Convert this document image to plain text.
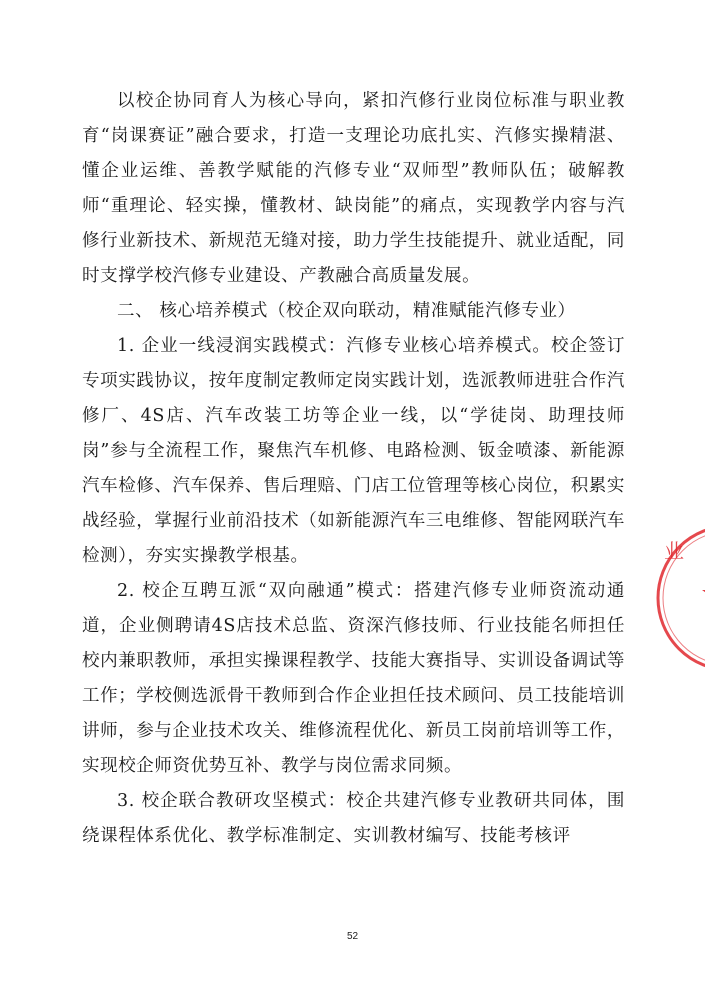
以校企协同育人为核心导向，紧扣汽修行业岗位标准与职业教育“岗课赛证”融合要求，打造一支理论功底扎实、汽修实操精湛、懂企业运维、善教学赋能的汽修专业“双师型”教师队伍；破解教师“重理论、轻实操，懂教材、缺岗能”的痛点，实现教学内容与汽修行业新技术、新规范无缝对接，助力学生技能提升、就业适配，同时支撑学校汽修专业建设、产教融合高质量发展。

二、 核心培养模式（校企双向联动，精准赋能汽修专业）

1. 企业一线浸润实践模式：汽修专业核心培养模式。校企签订专项实践协议，按年度制定教师定岗实践计划，选派教师进驻合作汽修厂、4S店、汽车改装工坊等企业一线，以“学徒岗、助理技师岗”参与全流程工作，聚焦汽车机修、电路检测、钣金喷漆、新能源汽车检修、汽车保养、售后理赔、门店工位管理等核心岗位，积累实战经验，掌握行业前沿技术（如新能源汽车三电维修、智能网联汽车检测），夯实实操教学根基。

2. 校企互聘互派“双向融通”模式：搭建汽修专业师资流动通道，企业侧聘请4S店技术总监、资深汽修技师、行业技能名师担任校内兼职教师，承担实操课程教学、技能大赛指导、实训设备调试等工作；学校侧选派骨干教师到合作企业担任技术顾问、员工技能培训讲师，参与企业技术攻关、维修流程优化、新员工岗前培训等工作，实现校企师资优势互补、教学与岗位需求同频。

3. 校企联合教研攻坚模式：校企共建汽修专业教研共同体，围绕课程体系优化、教学标准制定、实训教材编写、技能考核评

业
52
